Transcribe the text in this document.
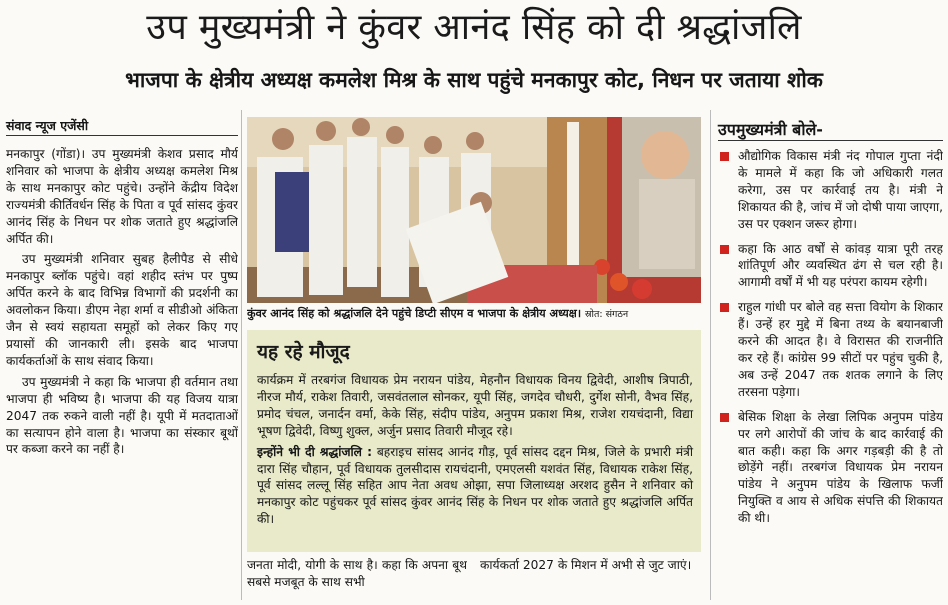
उप मुख्यमंत्री ने कुंवर आनंद सिंह को दी श्रद्धांजलि
भाजपा के क्षेत्रीय अध्यक्ष कमलेश मिश्र के साथ पहुंचे मनकापुर कोट, निधन पर जताया शोक
संवाद न्यूज एजेंसी

मनकापुर (गोंडा)। उप मुख्यमंत्री केशव प्रसाद मौर्य शनिवार को भाजपा के क्षेत्रीय अध्यक्ष कमलेश मिश्र के साथ मनकापुर कोट पहुंचे। उन्होंने केंद्रीय विदेश राज्यमंत्री कीर्तिवर्धन सिंह के पिता व पूर्व सांसद कुंवर आनंद सिंह के निधन पर शोक जताते हुए श्रद्धांजलि अर्पित की।

उप मुख्यमंत्री शनिवार सुबह हैलीपैड से सीधे मनकापुर ब्लॉक पहुंचे। वहां शहीद स्तंभ पर पुष्प अर्पित करने के बाद विभिन्न विभागों की प्रदर्शनी का अवलोकन किया। डीएम नेहा शर्मा व सीडीओ अंकिता जैन से स्वयं सहायता समूहों को लेकर किए गए प्रयासों की जानकारी ली। इसके बाद भाजपा कार्यकर्ताओं के साथ संवाद किया।

उप मुख्यमंत्री ने कहा कि भाजपा ही वर्तमान तथा भाजपा ही भविष्य है। भाजपा की यह विजय यात्रा 2047 तक रुकने वाली नहीं है। यूपी में मतदाताओं का सत्यापन होने वाला है। भाजपा का संस्कार बूथों पर कब्जा करने का नहीं है।

कुंवर आनंद सिंह को श्रद्धांजलि देने पहुंचे डिप्टी सीएम व भाजपा के क्षेत्रीय अध्यक्ष। स्रोत: संगठन
यह रहे मौजूद

कार्यक्रम में तरबगंज विधायक प्रेम नरायन पांडेय, मेहनौन विधायक विनय द्विवेदी, आशीष त्रिपाठी, नीरज मौर्य, राकेश तिवारी, जसवंतलाल सोनकर, यूपी सिंह, जगदेव चौधरी, दुर्गेश सोनी, वैभव सिंह, प्रमोद चंचल, जनार्दन वर्मा, केके सिंह, संदीप पांडेय, अनुपम प्रकाश मिश्र, राजेश रायचंदानी, विद्या भूषण द्विवेदी, विष्णु शुक्ल, अर्जुन प्रसाद तिवारी मौजूद रहे।

इन्होंने भी दी श्रद्धांजलि : बहराइच सांसद आनंद गौड़, पूर्व सांसद दद्दन मिश्र, जिले के प्रभारी मंत्री दारा सिंह चौहान, पूर्व विधायक तुलसीदास रायचंदानी, एमएलसी यशवंत सिंह, विधायक राकेश सिंह, पूर्व सांसद लल्लू सिंह सहित आप नेता अवध ओझा, सपा जिलाध्यक्ष अरशद हुसैन ने शनिवार को मनकापुर कोट पहुंचकर पूर्व सांसद कुंवर आनंद सिंह के निधन पर शोक जताते हुए श्रद्धांजलि अर्पित की।

जनता मोदी, योगी के साथ है। कहा कि अपना बूथ सबसे मजबूत के साथ सभी

कार्यकर्ता 2027 के मिशन में अभी से जुट जाएं।

उपमुख्यमंत्री बोले-

औद्योगिक विकास मंत्री नंद गोपाल गुप्ता नंदी के मामले में कहा कि जो अधिकारी गलत करेगा, उस पर कार्रवाई तय है। मंत्री ने शिकायत की है, जांच में जो दोषी पाया जाएगा, उस पर एक्शन जरूर होगा।

कहा कि आठ वर्षों से कांवड़ यात्रा पूरी तरह शांतिपूर्ण और व्यवस्थित ढंग से चल रही है। आगामी वर्षों में भी यह परंपरा कायम रहेगी।

राहुल गांधी पर बोले वह सत्ता वियोग के शिकार हैं। उन्हें हर मुद्दे में बिना तथ्य के बयानबाजी करने की आदत है। वे विरासत की राजनीति कर रहे हैं। कांग्रेस 99 सीटों पर पहुंच चुकी है, अब उन्हें 2047 तक शतक लगाने के लिए तरसना पड़ेगा।

बेसिक शिक्षा के लेखा लिपिक अनुपम पांडेय पर लगे आरोपों की जांच के बाद कार्रवाई की बात कही। कहा कि अगर गड़बड़ी की है तो छोड़ेंगे नहीं। तरबगंज विधायक प्रेम नरायन पांडेय ने अनुपम पांडेय के खिलाफ फर्जी नियुक्ति व आय से अधिक संपत्ति की शिकायत की थी।
